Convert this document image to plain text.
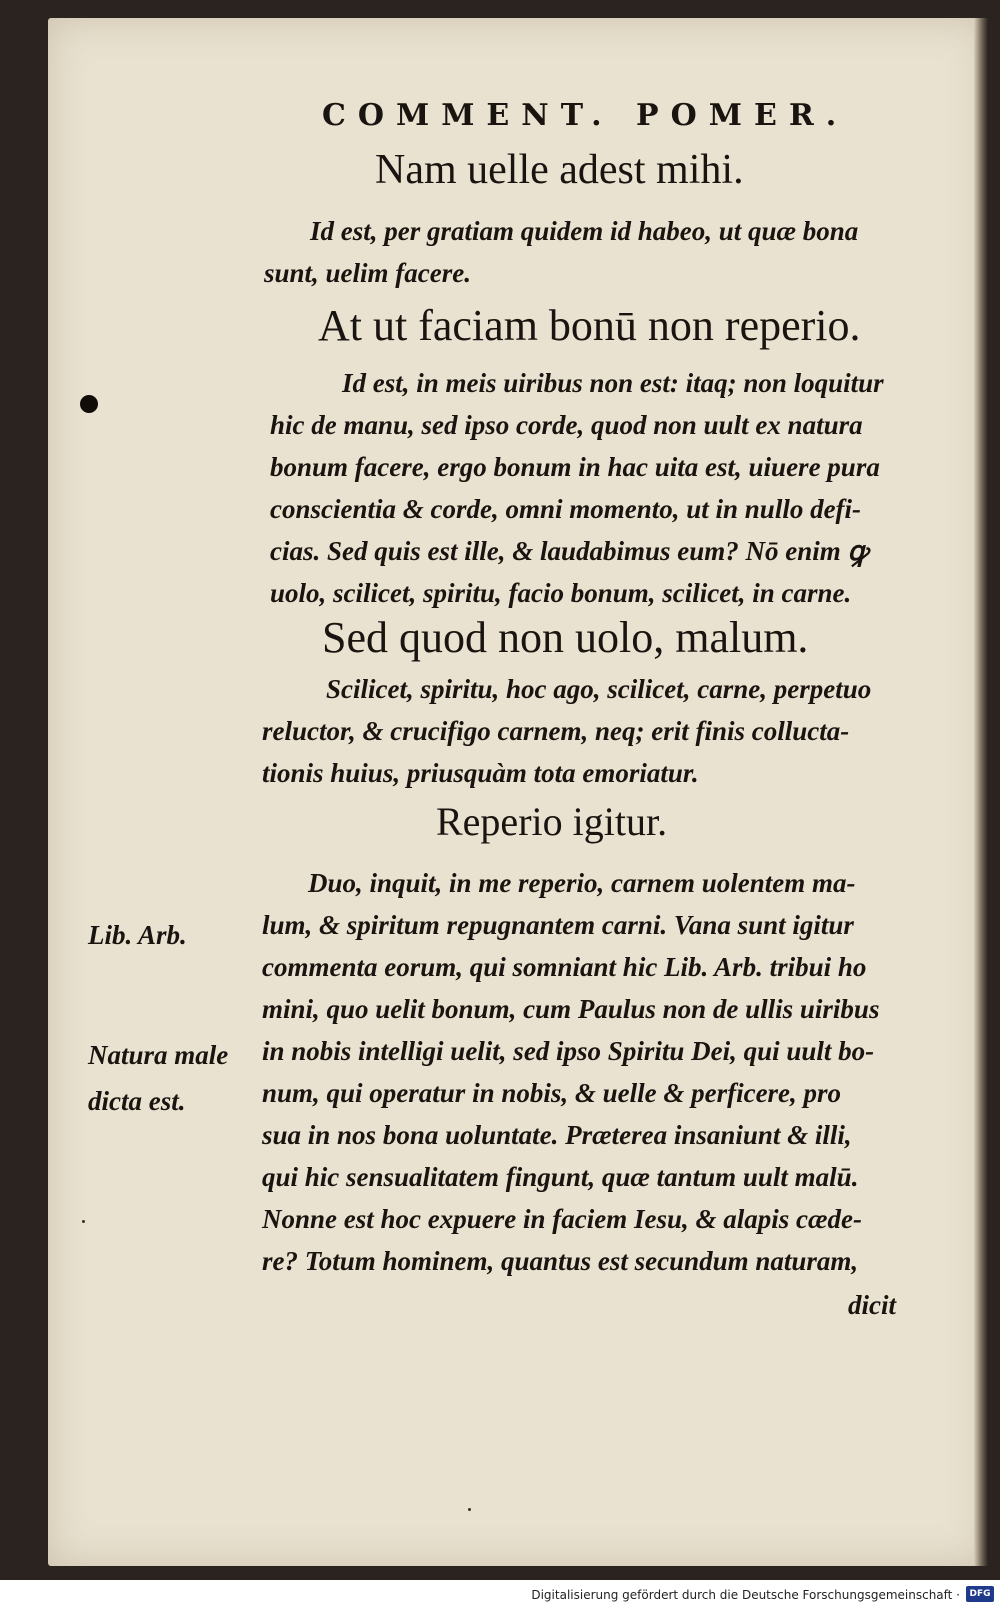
COMMENT. POMER.
Nam uelle adest mihi.
Id est, per gratiam quidem id habeo, ut quæ bona
sunt, uelim facere.
At ut faciam bonū non reperio.
Id est, in meis uiribus non est: itaq; non loquitur
hic de manu, sed ipso corde, quod non uult ex natura
bonum facere, ergo bonum in hac uita est, uiuere pura
conscientia & corde, omni momento, ut in nullo defi-
cias. Sed quis est ille, & laudabimus eum? Nō enim ꝙ
uolo, scilicet, spiritu, facio bonum, scilicet, in carne.
Sed quod non uolo, malum.
Scilicet, spiritu, hoc ago, scilicet, carne, perpetuo
reluctor, & crucifigo carnem, neq; erit finis collucta-
tionis huius, priusquàm tota emoriatur.
Reperio igitur.
Duo, inquit, in me reperio, carnem uolentem ma-
lum, & spiritum repugnantem carni. Vana sunt igitur
commenta eorum, qui somniant hic Lib. Arb. tribui ho
mini, quo uelit bonum, cum Paulus non de ullis uiribus
in nobis intelligi uelit, sed ipso Spiritu Dei, qui uult bo-
num, qui operatur in nobis, & uelle & perficere, pro
sua in nos bona uoluntate. Præterea insaniunt & illi,
qui hic sensualitatem fingunt, quæ tantum uult malū.
Nonne est hoc expuere in faciem Iesu, & alapis cæde-
re? Totum hominem, quantus est secundum naturam,
dicit
Lib. Arb.
Natura male
dicta est.
Digitalisierung gefördert durch die Deutsche Forschungsgemeinschaft ·	DFG
